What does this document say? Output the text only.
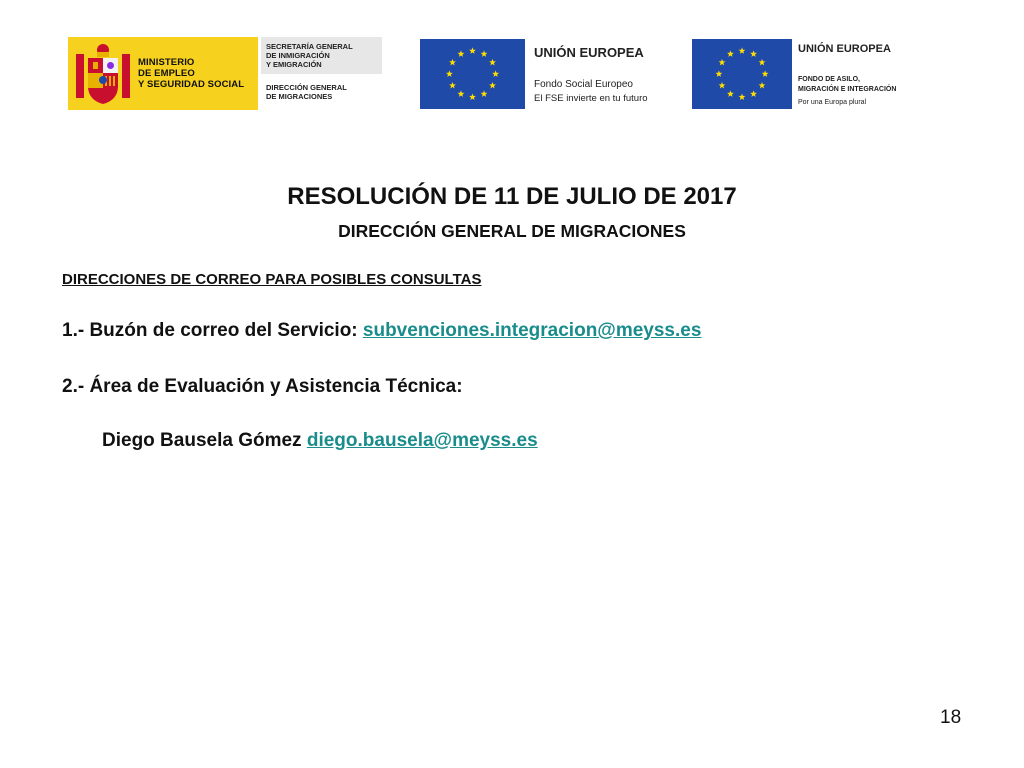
MINISTERIO
DE EMPLEO
Y SEGURIDAD SOCIAL
SECRETARÍA GENERAL
DE INMIGRACIÓN
Y EMIGRACIÓN
DIRECCIÓN GENERAL
DE MIGRACIONES
UNIÓN EUROPEA
Fondo Social Europeo
El FSE invierte en tu futuro
UNIÓN EUROPEA
FONDO DE ASILO,
MIGRACIÓN E INTEGRACIÓN
Por una Europa plural
RESOLUCIÓN DE 11 DE JULIO DE 2017
DIRECCIÓN GENERAL DE MIGRACIONES
DIRECCIONES DE CORREO PARA POSIBLES CONSULTAS
1.- Buzón de correo del Servicio: subvenciones.integracion@meyss.es
2.- Área de Evaluación y Asistencia Técnica:
Diego Bausela Gómez diego.bausela@meyss.es
18
